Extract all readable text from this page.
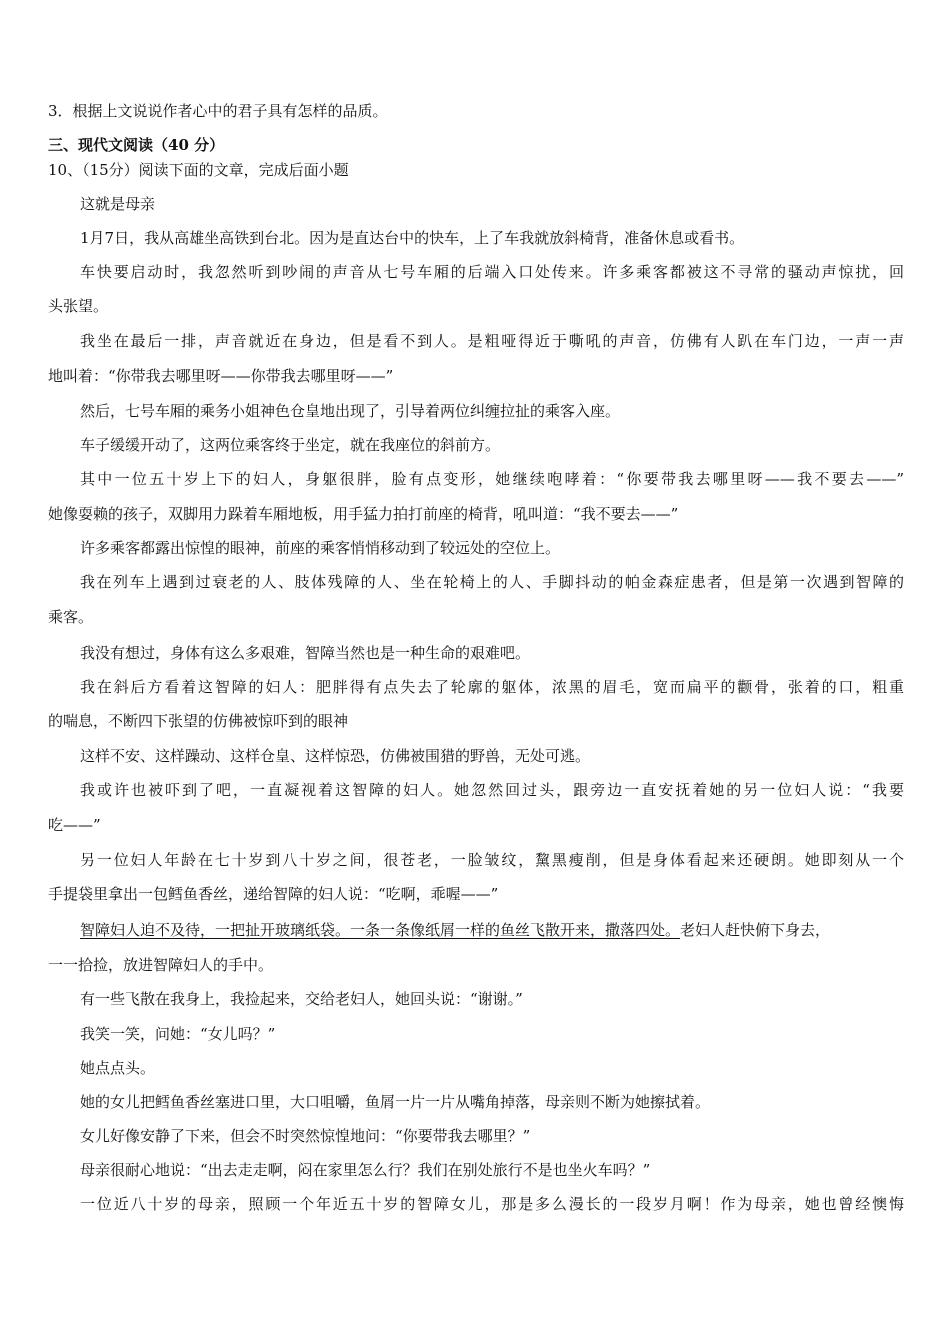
3．根据上文说说作者心中的君子具有怎样的品质。
三、现代文阅读（40 分）
10、（15分）阅读下面的文章，完成后面小题
这就是母亲
1月7日，我从高雄坐高铁到台北。因为是直达台中的快车，上了车我就放斜椅背，准备休息或看书。
车快要启动时，我忽然听到吵闹的声音从七号车厢的后端入口处传来。许多乘客都被这不寻常的骚动声惊扰，回
头张望。
我坐在最后一排，声音就近在身边，但是看不到人。是粗哑得近于嘶吼的声音，仿佛有人趴在车门边，一声一声
地叫着：“你带我去哪里呀——你带我去哪里呀——”
然后，七号车厢的乘务小姐神色仓皇地出现了，引导着两位纠缠拉扯的乘客入座。
车子缓缓开动了，这两位乘客终于坐定，就在我座位的斜前方。
其中一位五十岁上下的妇人，身躯很胖，脸有点变形，她继续咆哮着：“你要带我去哪里呀——我不要去——”
她像耍赖的孩子，双脚用力跺着车厢地板，用手猛力拍打前座的椅背，吼叫道：“我不要去——”
许多乘客都露出惊惶的眼神，前座的乘客悄悄移动到了较远处的空位上。
我在列车上遇到过衰老的人、肢体残障的人、坐在轮椅上的人、手脚抖动的帕金森症患者，但是第一次遇到智障的
乘客。
我没有想过，身体有这么多艰难，智障当然也是一种生命的艰难吧。
我在斜后方看着这智障的妇人：肥胖得有点失去了轮廓的躯体，浓黑的眉毛，宽而扁平的颧骨，张着的口，粗重
的喘息，不断四下张望的仿佛被惊吓到的眼神
这样不安、这样躁动、这样仓皇、这样惊恐，仿佛被围猎的野兽，无处可逃。
我或许也被吓到了吧，一直凝视着这智障的妇人。她忽然回过头，跟旁边一直安抚着她的另一位妇人说：“我要
吃——”
另一位妇人年龄在七十岁到八十岁之间，很苍老，一脸皱纹，黧黑瘦削，但是身体看起来还硬朗。她即刻从一个
手提袋里拿出一包鳕鱼香丝，递给智障的妇人说：“吃啊，乖喔——”
智障妇人迫不及待，一把扯开玻璃纸袋。一条一条像纸屑一样的鱼丝飞散开来，撒落四处。老妇人赶快俯下身去，
一一拾捡，放进智障妇人的手中。
有一些飞散在我身上，我捡起来，交给老妇人，她回头说：“谢谢。”
我笑一笑，问她：“女儿吗？”
她点点头。
她的女儿把鳕鱼香丝塞进口里，大口咀嚼，鱼屑一片一片从嘴角掉落，母亲则不断为她擦拭着。
女儿好像安静了下来，但会不时突然惊惶地问：“你要带我去哪里？”
母亲很耐心地说：“出去走走啊，闷在家里怎么行？我们在别处旅行不是也坐火车吗？”
一位近八十岁的母亲，照顾一个年近五十岁的智障女儿，那是多么漫长的一段岁月啊！作为母亲，她也曾经懊悔
